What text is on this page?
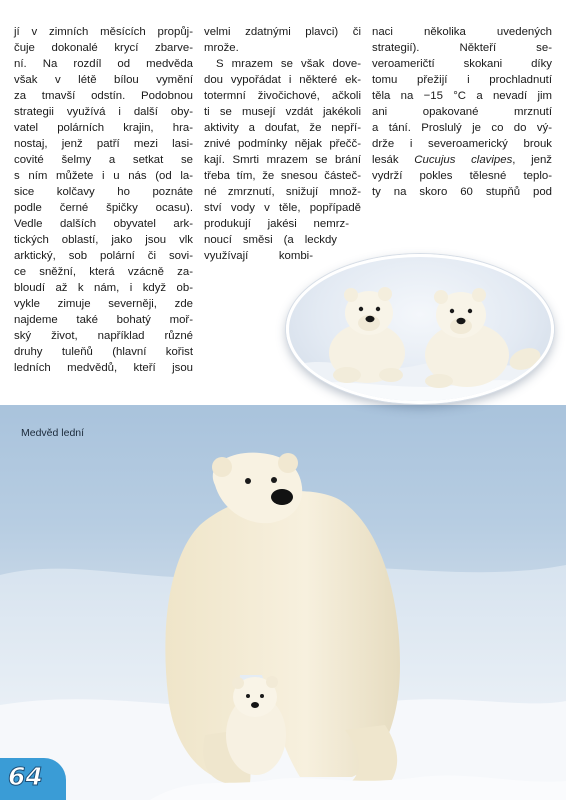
jí v zimních měsících propůj-
čuje dokonalé krycí zbarve-
ní. Na rozdíl od medvěda
však v létě bílou vymění
za tmavší odstín. Podobnou
strategii využívá i další oby-
vatel polárních krajin, hra-
nostaj, jenž patří mezi lasi-
covité šelmy a setkat se
s ním můžete i u nás (od la-
sice kolčavy ho poznáte
podle černé špičky ocasu).
Vedle dalších obyvatel ark-
tických oblastí, jako jsou vlk
arktický, sob polární či sovi-
ce sněžní, která vzácně za-
bloudí až k nám, i když ob-
vykle zimuje severněji, zde
najdeme také bohatý moř-
ský život, například různé
druhy tuleňů (hlavní kořist
ledních medvědů, kteří jsou
velmi zdatnými plavci) či
mrože.
S mrazem se však dove-
dou vypořádat i některé ek-
totermní živočichové, ačkoli
ti se musejí vzdát jakékoli
aktivity a doufat, že nepří-
znivé podmínky nějak přečč-
kají. Smrti mrazem se brání
třeba tím, že snesou částeč-
né zmrznutí, snižují množ-
ství vody v těle, popřípadě
produkují jakési nemrz-
noucí směsi (a leckdy
využívají kombi-
naci několika uvedených
strategií). Někteří se-
veroameričtí skokani díky
tomu přežijí i prochladnutí
těla na −15 °C a nevadí jim
ani opakované mrznutí
a tání. Proslulý je co do vý-
drže i severoamerický brouk
lesák Cucujus clavipes, jenž
vydrží pokles tělesné teplo-
ty na skoro 60 stupňů pod
Medvěd lední
64
